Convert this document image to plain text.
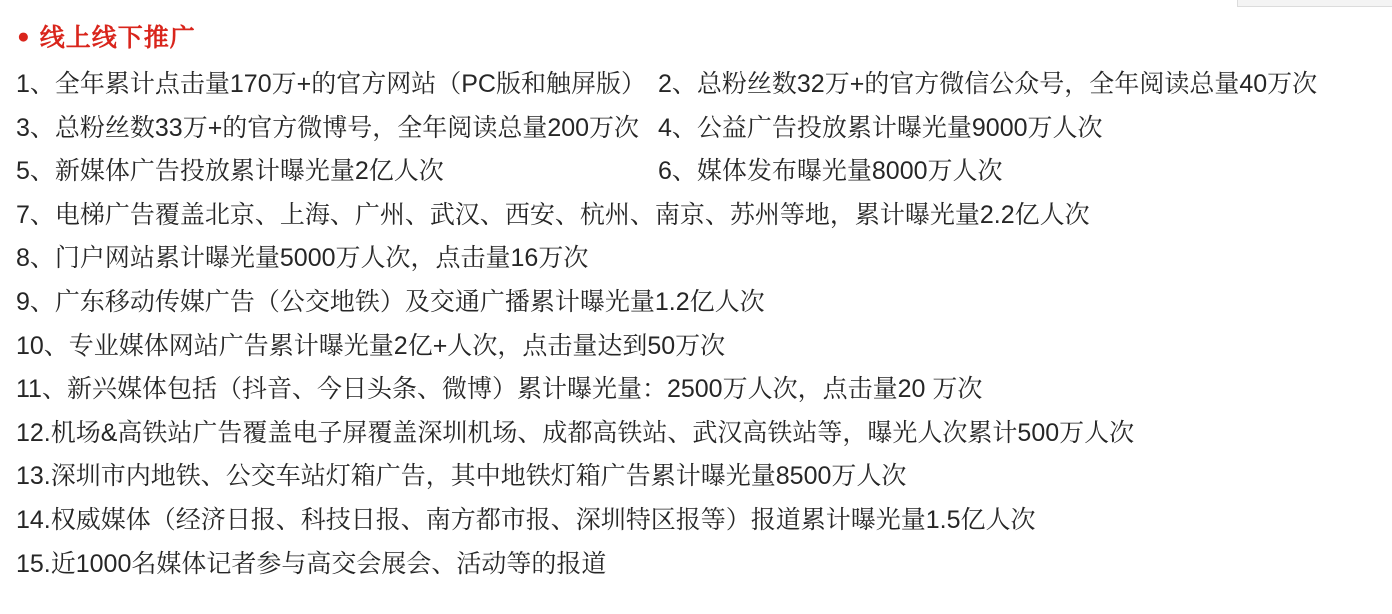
● 线上线下推广
1、全年累计点击量170万+的官方网站（PC版和触屏版） 2、总粉丝数32万+的官方微信公众号，全年阅读总量40万次
3、总粉丝数33万+的官方微博号，全年阅读总量200万次 4、公益广告投放累计曝光量9000万人次
5、新媒体广告投放累计曝光量2亿人次	6、媒体发布曝光量8000万人次
7、电梯广告覆盖北京、上海、广州、武汉、西安、杭州、南京、苏州等地，累计曝光量2.2亿人次
8、门户网站累计曝光量5000万人次，点击量16万次
9、广东移动传媒广告（公交地铁）及交通广播累计曝光量1.2亿人次
10、专业媒体网站广告累计曝光量2亿+人次，点击量达到50万次
11、新兴媒体包括（抖音、今日头条、微博）累计曝光量：2500万人次，点击量20 万次
12.机场&高铁站广告覆盖电子屏覆盖深圳机场、成都高铁站、武汉高铁站等，曝光人次累计500万人次
13.深圳市内地铁、公交车站灯箱广告，其中地铁灯箱广告累计曝光量8500万人次
14.权威媒体（经济日报、科技日报、南方都市报、深圳特区报等）报道累计曝光量1.5亿人次
15.近1000名媒体记者参与高交会展会、活动等的报道
